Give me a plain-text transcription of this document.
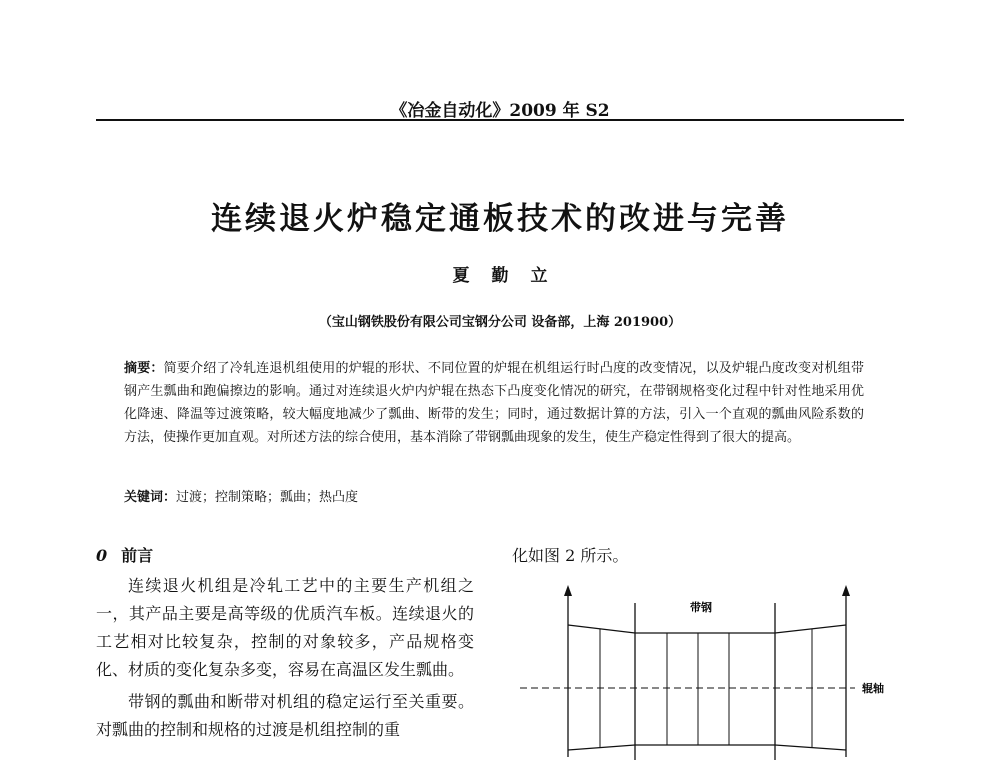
《冶金自动化》2009 年 S2
连续退火炉稳定通板技术的改进与完善
夏勤立
（宝山钢铁股份有限公司宝钢分公司 设备部，上海 201900）
摘要：简要介绍了冷轧连退机组使用的炉辊的形状、不同位置的炉辊在机组运行时凸度的改变情况，以及炉辊凸度改变对机组带钢产生瓢曲和跑偏擦边的影响。通过对连续退火炉内炉辊在热态下凸度变化情况的研究，在带钢规格变化过程中针对性地采用优化降速、降温等过渡策略，较大幅度地减少了瓢曲、断带的发生；同时，通过数据计算的方法，引入一个直观的瓢曲风险系数的方法，使操作更加直观。对所述方法的综合使用，基本消除了带钢瓢曲现象的发生，使生产稳定性得到了很大的提高。
关键词：过渡；控制策略；瓢曲；热凸度
0 前言

连续退火机组是冷轧工艺中的主要生产机组之一，其产品主要是高等级的优质汽车板。连续退火的工艺相对比较复杂，控制的对象较多，产品规格变化、材质的变化复杂多变，容易在高温区发生瓢曲。

带钢的瓢曲和断带对机组的稳定运行至关重要。对瓢曲的控制和规格的过渡是机组控制的重

化如图 2 所示。
带钢
辊轴
